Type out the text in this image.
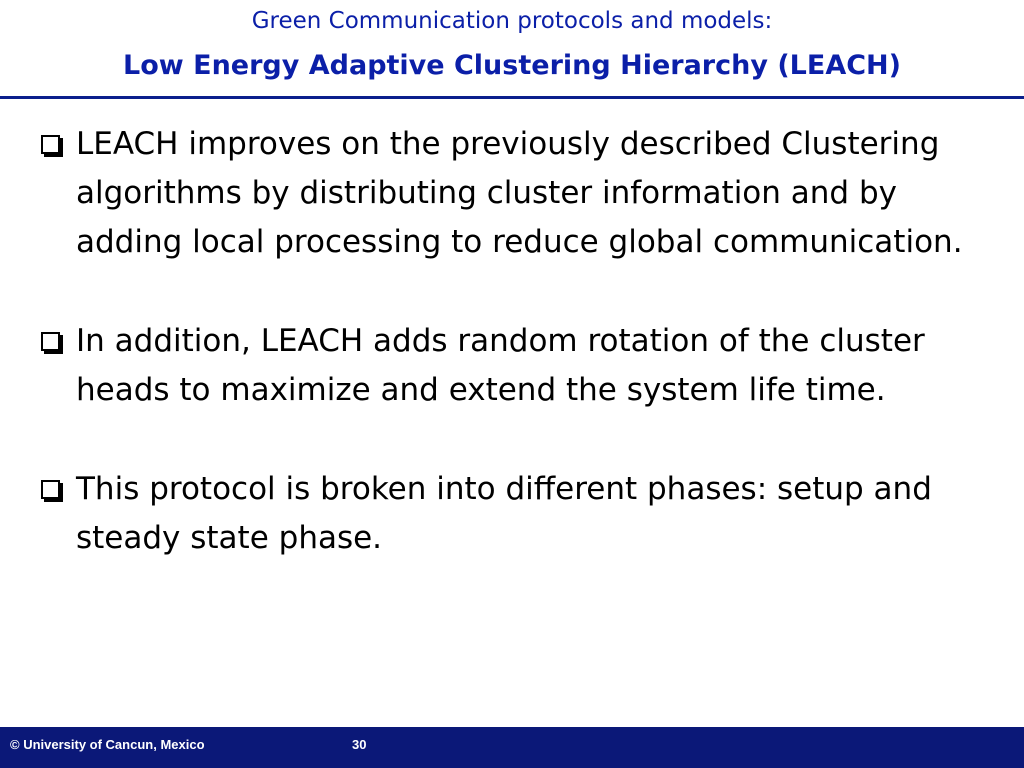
Green Communication protocols and models:
Low Energy Adaptive Clustering Hierarchy (LEACH)
LEACH improves on the previously described Clustering algorithms by distributing cluster information and by adding local processing to reduce global communication.
In addition, LEACH adds random rotation of the cluster heads to maximize and extend the system life time.
This protocol is broken into different phases: setup and steady state phase.
© University of Cancun, Mexico	30
